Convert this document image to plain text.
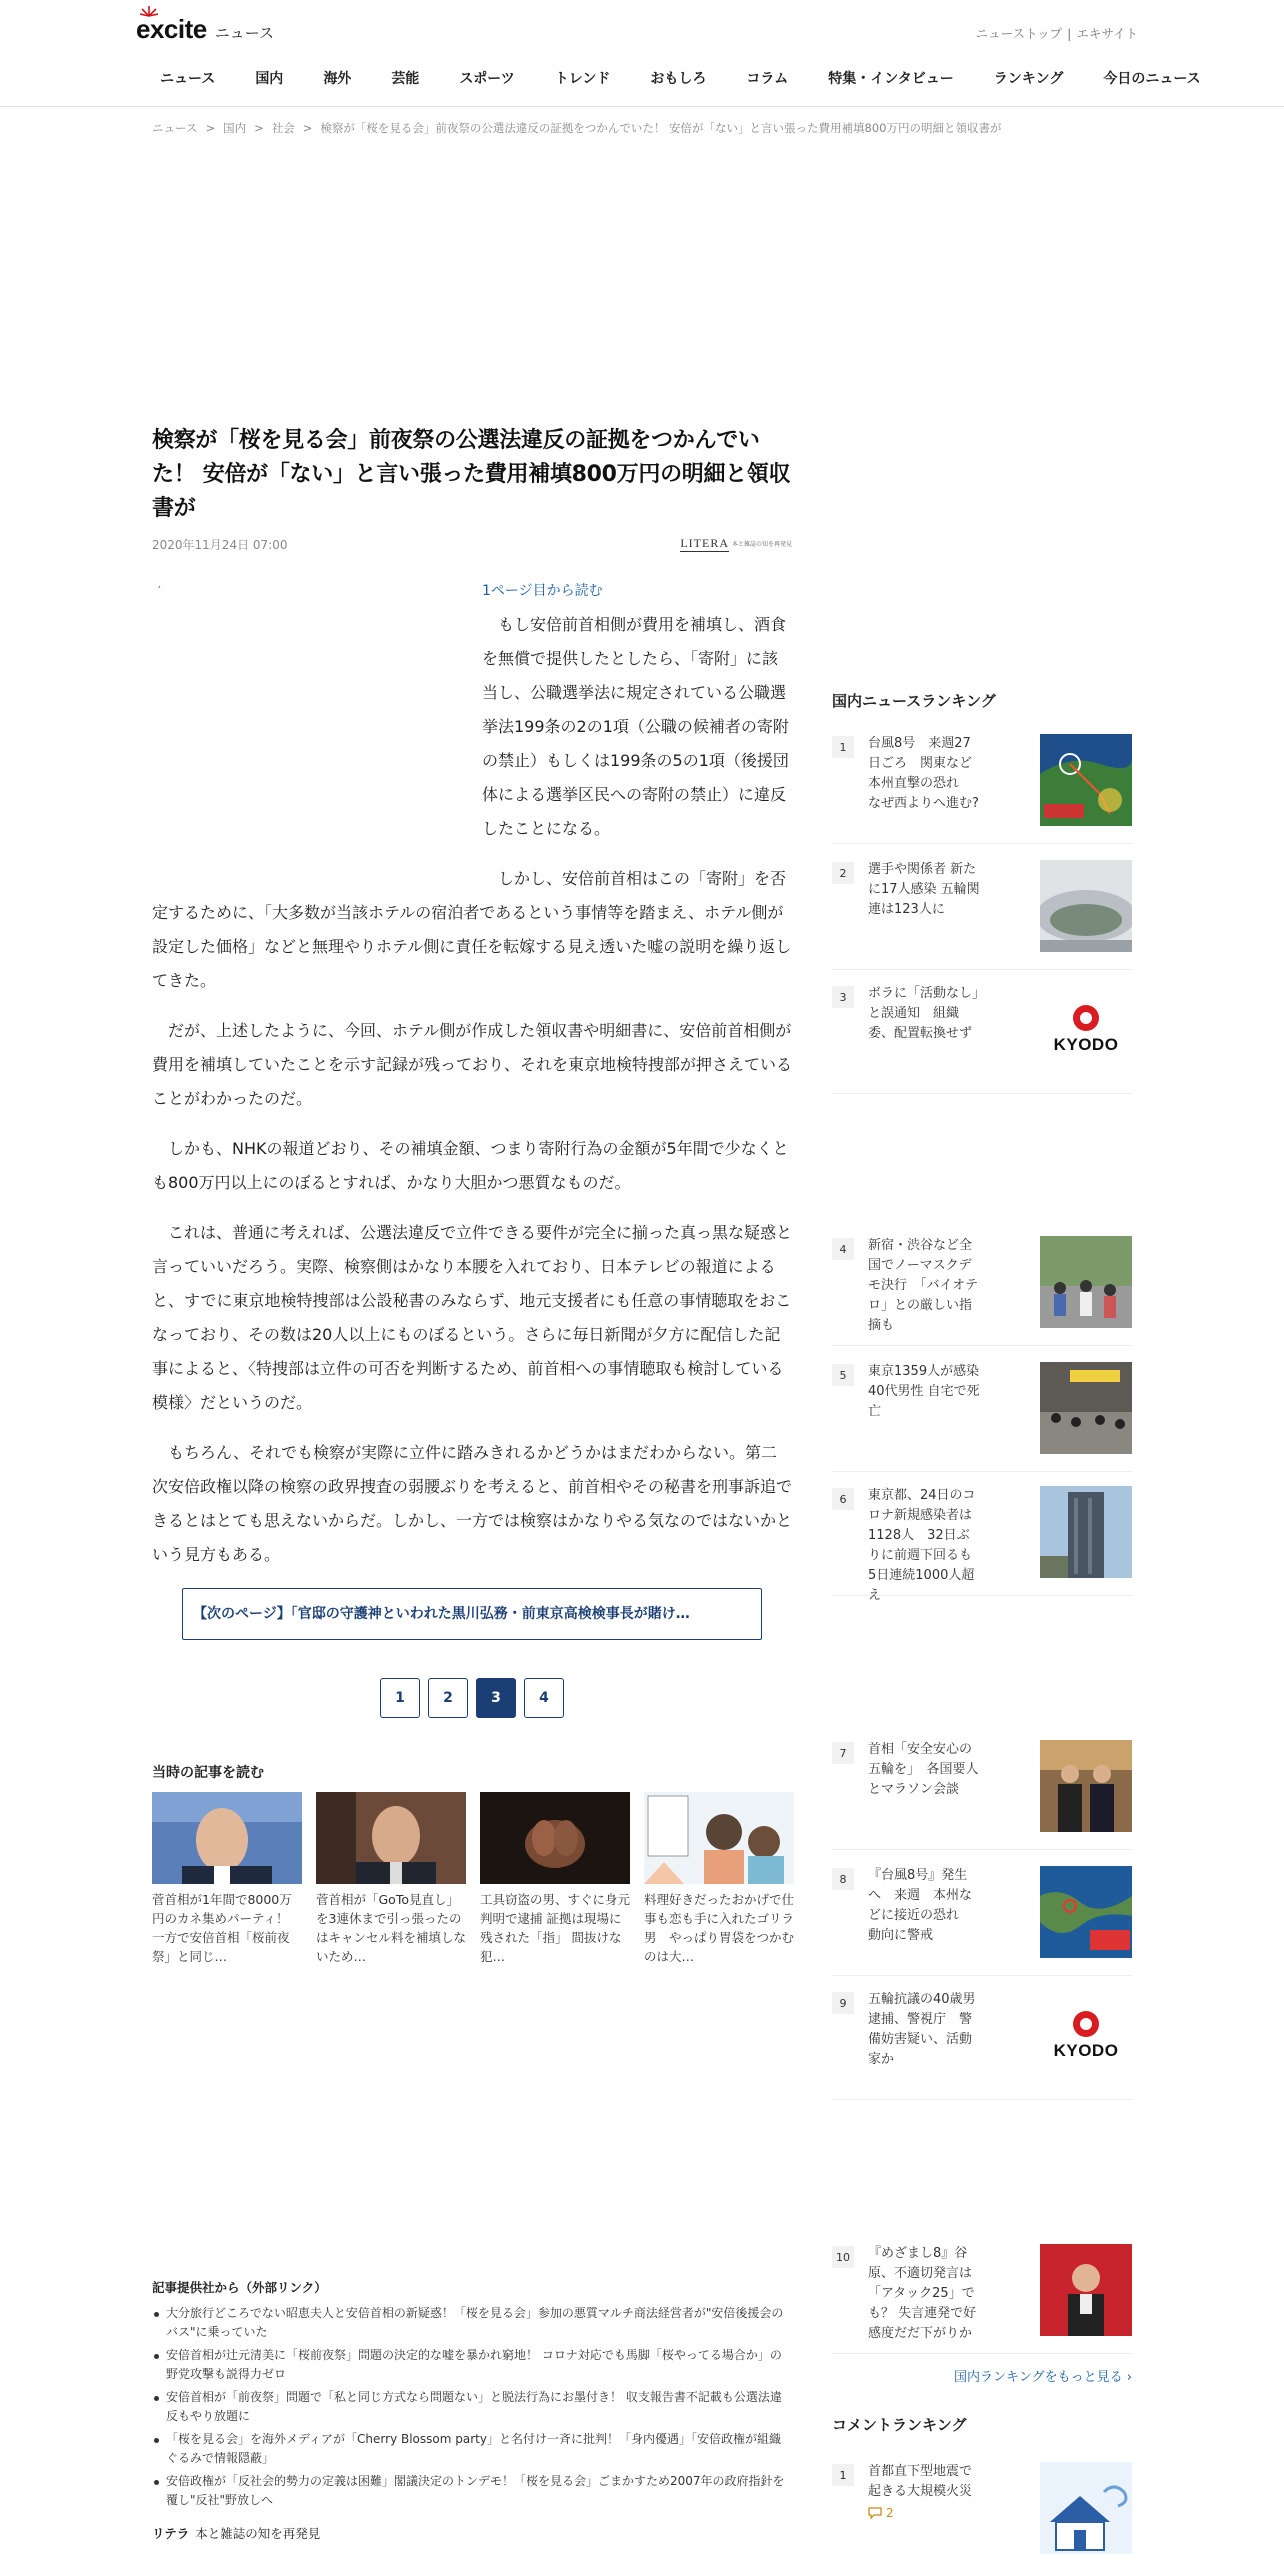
excite ニュース	ニューストップ | エキサイト
ニュース	国内	海外	芸能	スポーツ	トレンド	おもしろ	コラム	特集・インタビュー	ランキング	今日のニュース
ニュース > 国内 > 社会 > 検察が「桜を見る会」前夜祭の公選法違反の証拠をつかんでいた！ 安倍が「ない」と言い張った費用補填800万円の明細と領収書が
検察が「桜を見る会」前夜祭の公選法違反の証拠をつかんでいた！ 安倍が「ない」と言い張った費用補填800万円の明細と領収書が
2020年11月24日 07:00	LITERA 本と雑誌の知を再発見
′	1ページ目から読む

もし安倍前首相側が費用を補填し、酒食を無償で提供したとしたら、「寄附」に該当し、公職選挙法に規定されている公職選挙法199条の2の1項（公職の候補者の寄附の禁止）もしくは199条の5の1項（後援団体による選挙区民への寄附の禁止）に違反したことになる。

しかし、安倍前首相はこの「寄附」を否定するために、「大多数が当該ホテルの宿泊者であるという事情等を踏まえ、ホテル側が設定した価格」などと無理やりホテル側に責任を転嫁する見え透いた嘘の説明を繰り返してきた。

だが、上述したように、今回、ホテル側が作成した領収書や明細書に、安倍前首相側が費用を補填していたことを示す記録が残っており、それを東京地検特捜部が押さえていることがわかったのだ。

しかも、NHKの報道どおり、その補填金額、つまり寄附行為の金額が5年間で少なくとも800万円以上にのぼるとすれば、かなり大胆かつ悪質なものだ。

これは、普通に考えれば、公選法違反で立件できる要件が完全に揃った真っ黒な疑惑と言っていいだろう。実際、検察側はかなり本腰を入れており、日本テレビの報道によると、すでに東京地検特捜部は公設秘書のみならず、地元支援者にも任意の事情聴取をおこなっており、その数は20人以上にものぼるという。さらに毎日新聞が夕方に配信した記事によると、〈特捜部は立件の可否を判断するため、前首相への事情聴取も検討している模様〉だというのだ。

もちろん、それでも検察が実際に立件に踏みきれるかどうかはまだわからない。第二次安倍政権以降の検察の政界捜査の弱腰ぶりを考えると、前首相やその秘書を刑事訴追できるとはとても思えないからだ。しかし、一方では検察はかなりやる気なのではないかという見方もある。

【次のページ】「官邸の守護神といわれた黒川弘務・前東京高検検事長が賭け…
1	2	3	4
当時の記事を読む
菅首相が1年間で8000万円のカネ集めパーティ！ 一方で安倍首相「桜前夜祭」と同じ…
菅首相が「GoTo見直し」を3連休まで引っ張ったのはキャンセル料を補填しないため…
工具窃盗の男、すぐに身元判明で逮捕 証拠は現場に残された「指」 間抜けな犯…
料理好きだったおかげで仕事も恋も手に入れたゴリラ男　やっぱり胃袋をつかむのは大…
記事提供社から（外部リンク）
大分旅行どころでない昭恵夫人と安倍首相の新疑惑！「桜を見る会」参加の悪質マルチ商法経営者が"安倍後援会のバス"に乗っていた
安倍首相が辻元清美に「桜前夜祭」問題の決定的な嘘を暴かれ窮地！ コロナ対応でも馬脚「桜やってる場合か」の野党攻撃も説得力ゼロ
安倍首相が「前夜祭」問題で「私と同じ方式なら問題ない」と脱法行為にお墨付き！ 収支報告書不記載も公選法違反もやり放題に
「桜を見る会」を海外メディアが「Cherry Blossom party」と名付け一斉に批判！「身内優遇」「安倍政権が組織ぐるみで情報隠蔽」
安倍政権が「反社会的勢力の定義は困難」閣議決定のトンデモ！「桜を見る会」ごまかすため2007年の政府指針を覆し"反社"野放しへ
リテラ 本と雑誌の知を再発見
国内ニュースランキング
1	台風8号　来週27日ごろ　関東など本州直撃の恐れ　なぜ西よりへ進む?
2	選手や関係者 新たに17人感染 五輪関連は123人に
3	ボラに「活動なし」と誤通知　組織委、配置転換せず
KYODO
4	新宿・渋谷など全国でノーマスクデモ決行　「バイオテロ」との厳しい指摘も
5	東京1359人が感染　40代男性 自宅で死亡
6	東京都、24日のコロナ新規感染者は1128人　32日ぶりに前週下回るも5日連続1000人超え
7	首相「安全安心の五輪を」　各国要人とマラソン会談
8	『台風8号』発生へ　来週　本州などに接近の恐れ　動向に警戒
9	五輪抗議の40歳男逮捕、警視庁　警備妨害疑い、活動家か	KYODO
10	『めざまし8』谷原、不適切発言は「アタック25」でも？ 失言連発で好感度だだ下がりか
国内ランキングをもっと見る ›
コメントランキング
1	首都直下型地震で起きる大規模火災
2
